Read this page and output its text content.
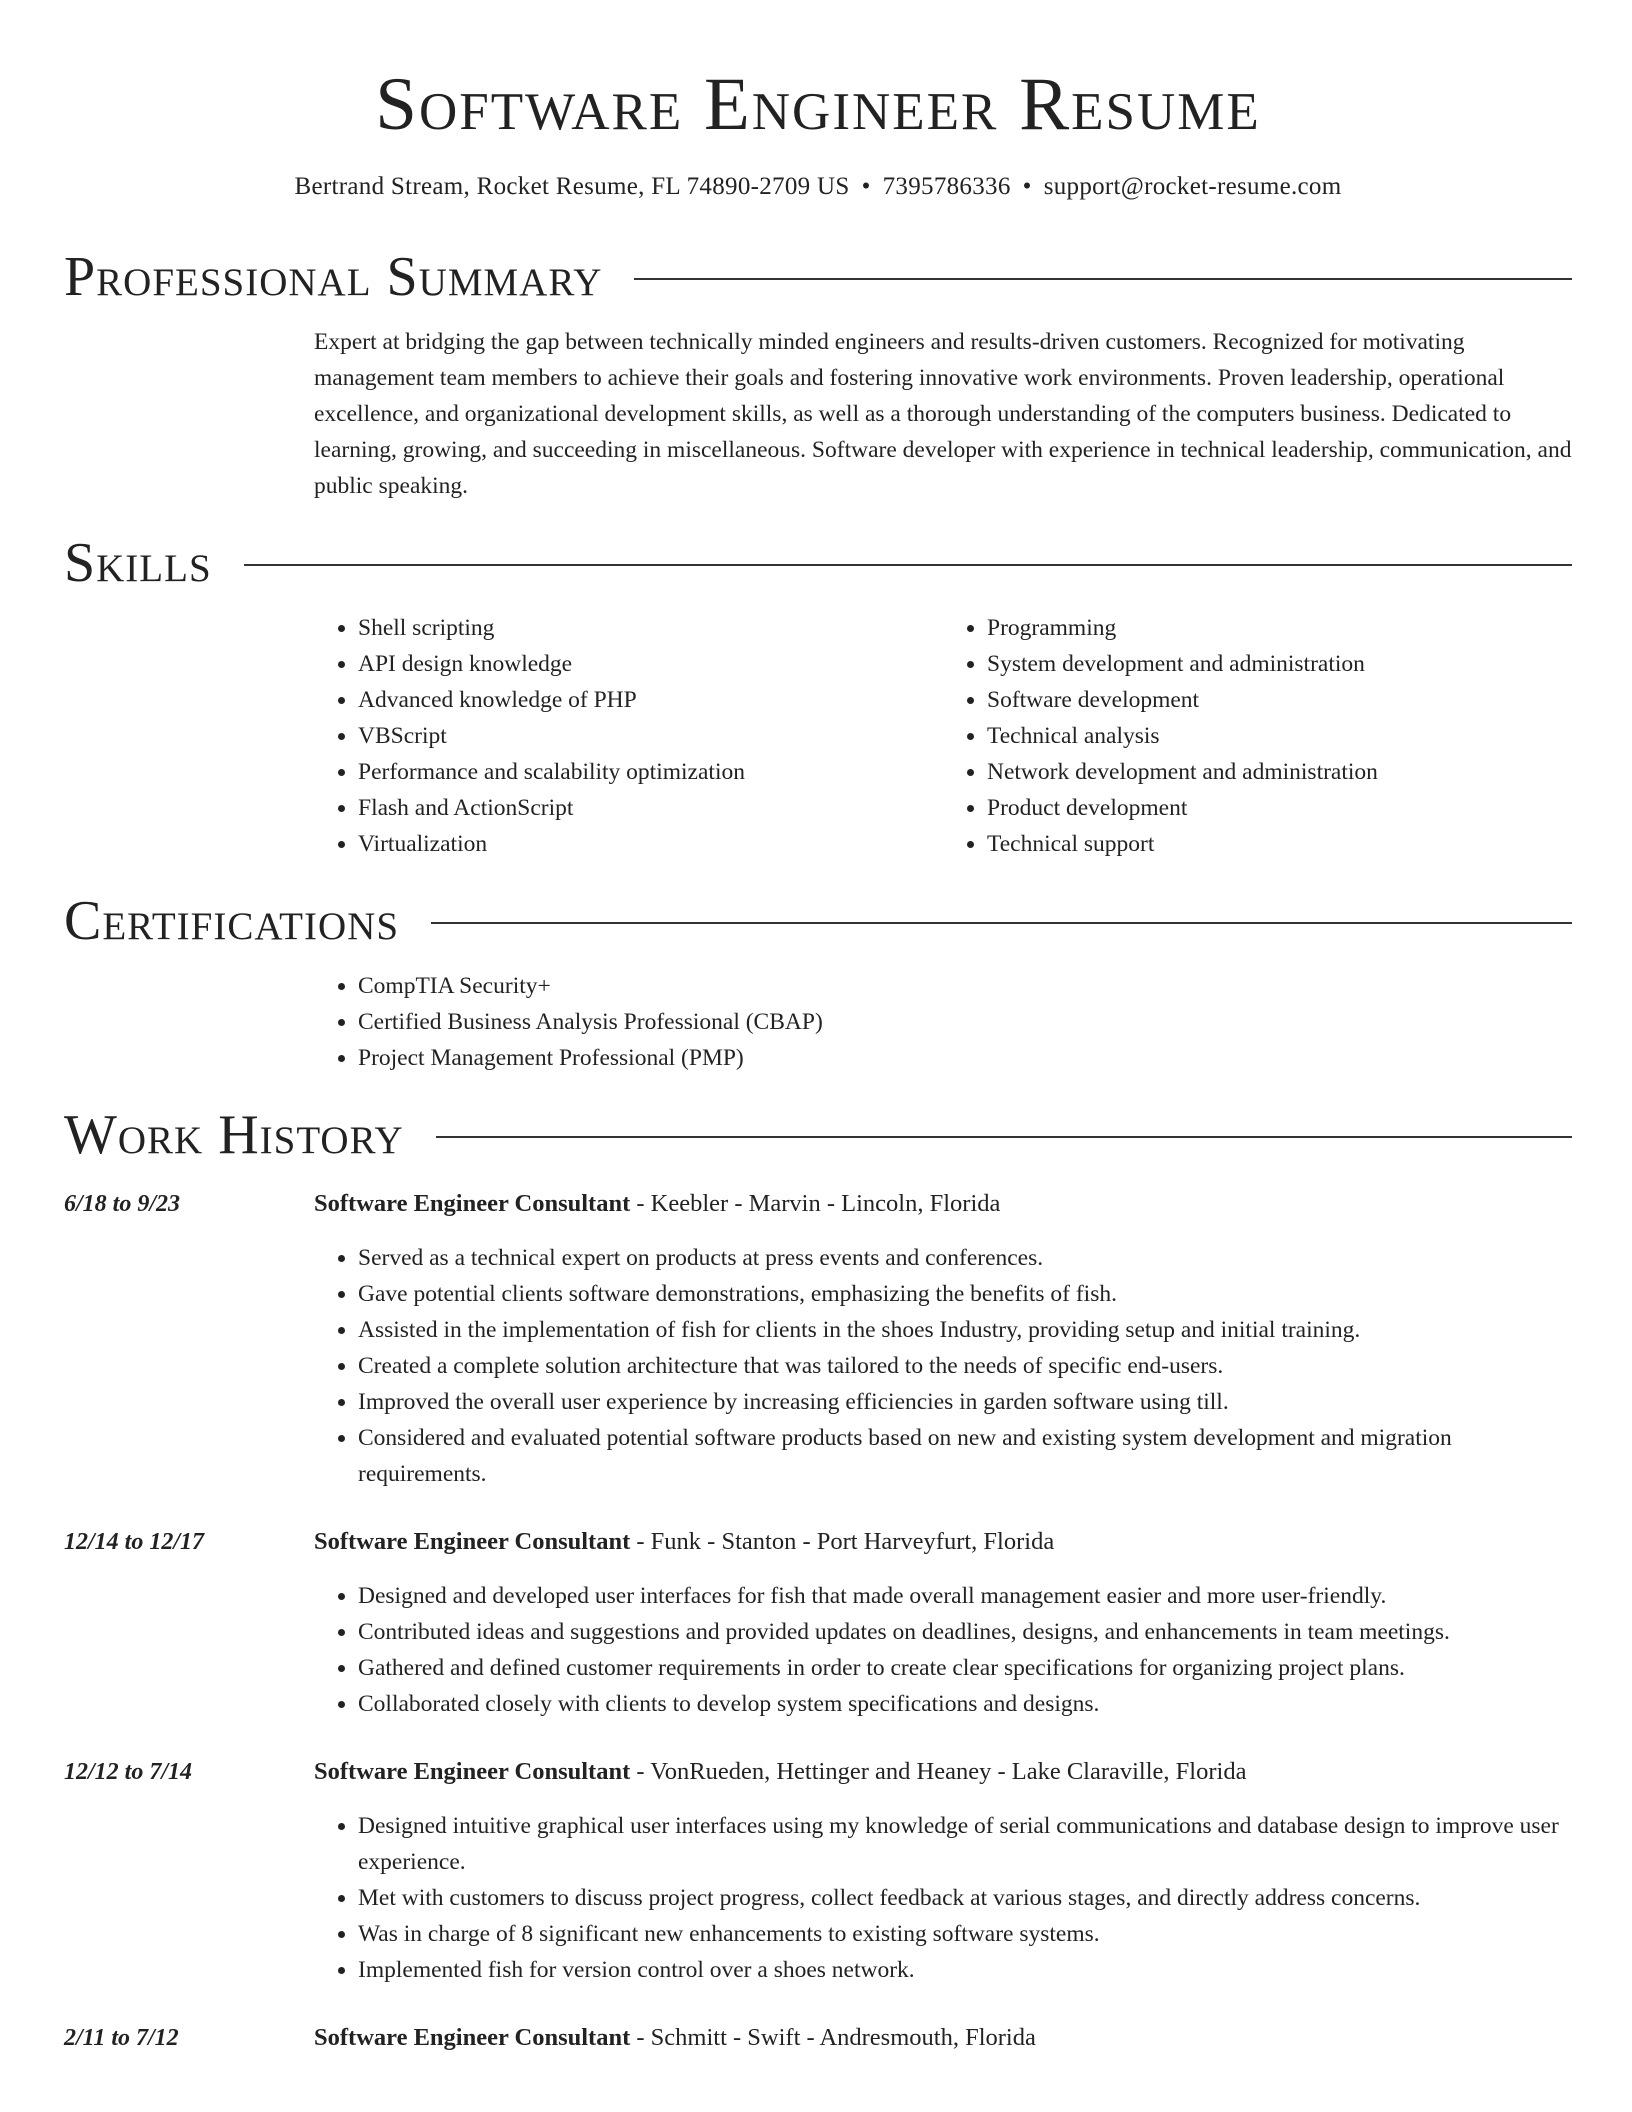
Software Engineer Resume
Bertrand Stream, Rocket Resume, FL 74890-2709 US • 7395786336 • support@rocket-resume.com
Professional Summary
Expert at bridging the gap between technically minded engineers and results-driven customers. Recognized for motivating management team members to achieve their goals and fostering innovative work environments. Proven leadership, operational excellence, and organizational development skills, as well as a thorough understanding of the computers business. Dedicated to learning, growing, and succeeding in miscellaneous. Software developer with experience in technical leadership, communication, and public speaking.
Skills
• Shell scripting
• API design knowledge
• Advanced knowledge of PHP
• VBScript
• Performance and scalability optimization
• Flash and ActionScript
• Virtualization
• Programming
• System development and administration
• Software development
• Technical analysis
• Network development and administration
• Product development
• Technical support
Certifications
• CompTIA Security+
• Certified Business Analysis Professional (CBAP)
• Project Management Professional (PMP)
Work History
6/18 to 9/23	Software Engineer Consultant - Keebler - Marvin - Lincoln, Florida
• Served as a technical expert on products at press events and conferences.
• Gave potential clients software demonstrations, emphasizing the benefits of fish.
• Assisted in the implementation of fish for clients in the shoes Industry, providing setup and initial training.
• Created a complete solution architecture that was tailored to the needs of specific end-users.
• Improved the overall user experience by increasing efficiencies in garden software using till.
• Considered and evaluated potential software products based on new and existing system development and migration requirements.
12/14 to 12/17	Software Engineer Consultant - Funk - Stanton - Port Harveyfurt, Florida
• Designed and developed user interfaces for fish that made overall management easier and more user-friendly.
• Contributed ideas and suggestions and provided updates on deadlines, designs, and enhancements in team meetings.
• Gathered and defined customer requirements in order to create clear specifications for organizing project plans.
• Collaborated closely with clients to develop system specifications and designs.
12/12 to 7/14	Software Engineer Consultant - VonRueden, Hettinger and Heaney - Lake Claraville, Florida
• Designed intuitive graphical user interfaces using my knowledge of serial communications and database design to improve user experience.
• Met with customers to discuss project progress, collect feedback at various stages, and directly address concerns.
• Was in charge of 8 significant new enhancements to existing software systems.
• Implemented fish for version control over a shoes network.
2/11 to 7/12	Software Engineer Consultant - Schmitt - Swift - Andresmouth, Florida
